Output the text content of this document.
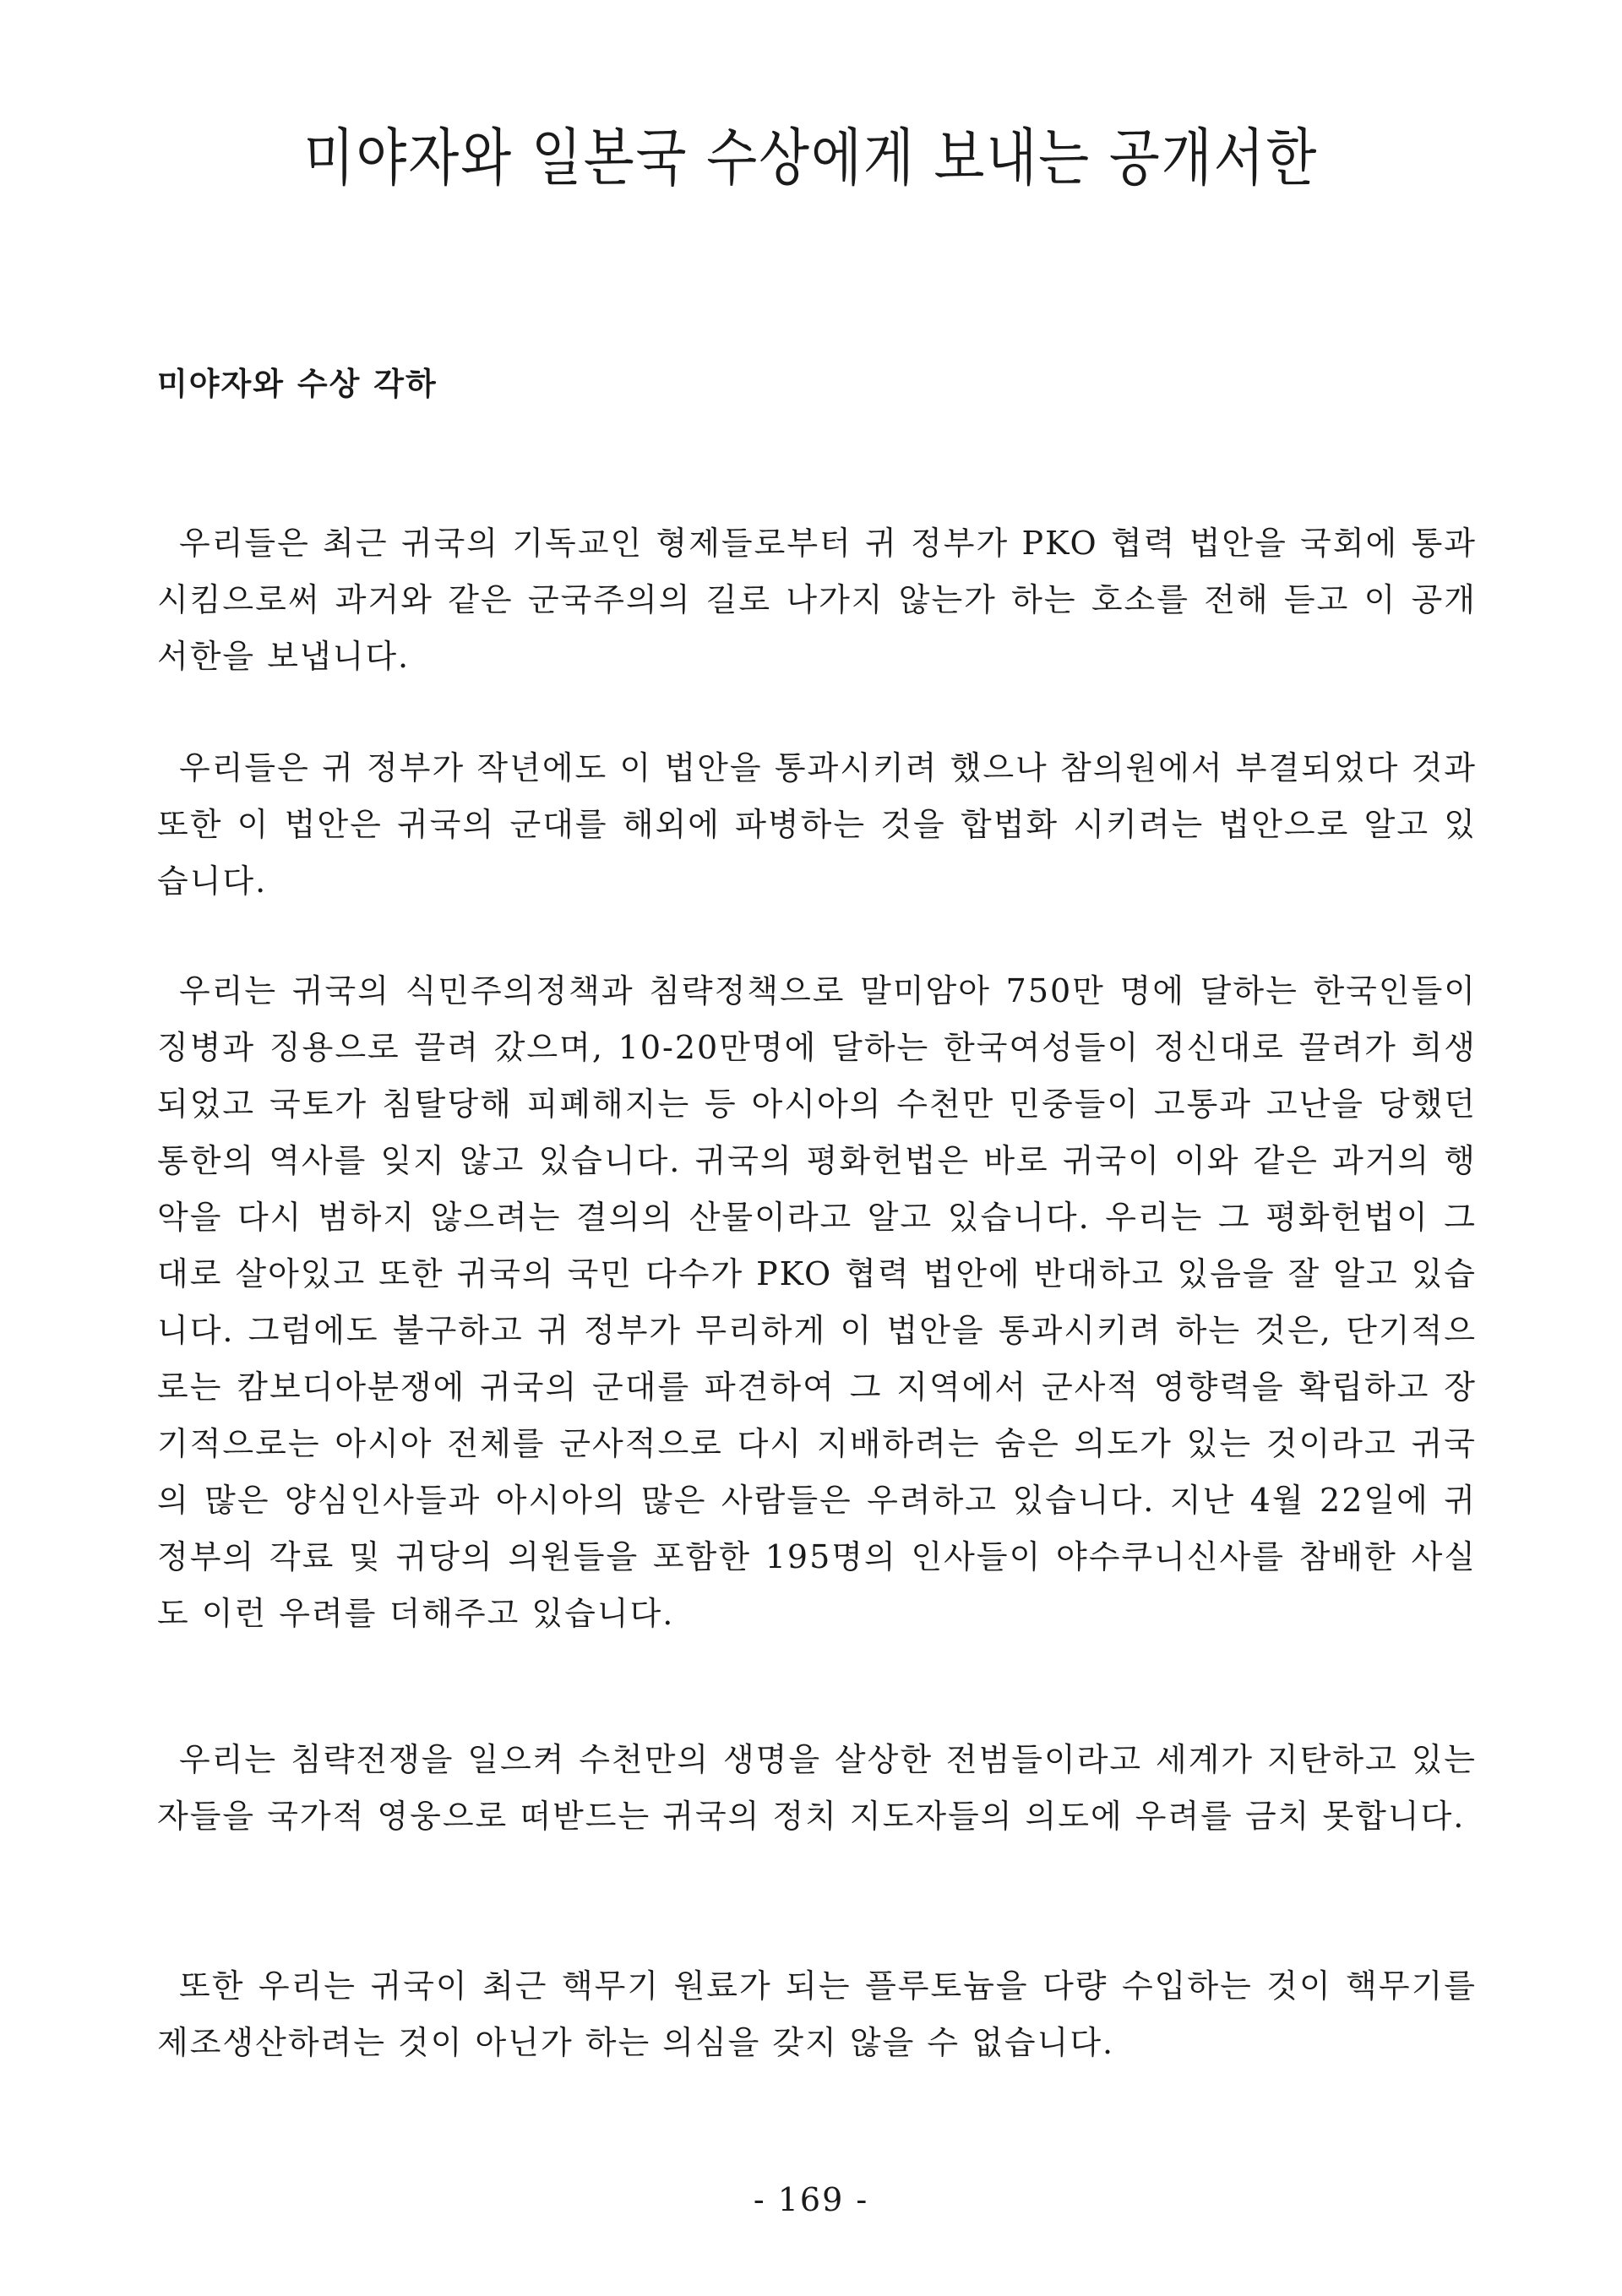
미야자와 일본국 수상에게 보내는 공개서한

미야자와 수상 각하

우리들은 최근 귀국의 기독교인 형제들로부터 귀 정부가 PKO 협력 법안을 국회에 통과시킴으로써 과거와 같은 군국주의의 길로 나가지 않는가 하는 호소를 전해 듣고 이 공개서한을 보냅니다.

우리들은 귀 정부가 작년에도 이 법안을 통과시키려 했으나 참의원에서 부결되었다 것과 또한 이 법안은 귀국의 군대를 해외에 파병하는 것을 합법화 시키려는 법안으로 알고 있습니다.

우리는 귀국의 식민주의정책과 침략정책으로 말미암아 750만 명에 달하는 한국인들이 징병과 징용으로 끌려 갔으며, 10-20만명에 달하는 한국여성들이 정신대로 끌려가 희생되었고 국토가 침탈당해 피폐해지는 등 아시아의 수천만 민중들이 고통과 고난을 당했던 통한의 역사를 잊지 않고 있습니다. 귀국의 평화헌법은 바로 귀국이 이와 같은 과거의 행악을 다시 범하지 않으려는 결의의 산물이라고 알고 있습니다. 우리는 그 평화헌법이 그대로 살아있고 또한 귀국의 국민 다수가 PKO 협력 법안에 반대하고 있음을 잘 알고 있습니다. 그럼에도 불구하고 귀 정부가 무리하게 이 법안을 통과시키려 하는 것은, 단기적으로는 캄보디아분쟁에 귀국의 군대를 파견하여 그 지역에서 군사적 영향력을 확립하고 장기적으로는 아시아 전체를 군사적으로 다시 지배하려는 숨은 의도가 있는 것이라고 귀국의 많은 양심인사들과 아시아의 많은 사람들은 우려하고 있습니다. 지난 4월 22일에 귀 정부의 각료 및 귀당의 의원들을 포함한 195명의 인사들이 야수쿠니신사를 참배한 사실도 이런 우려를 더해주고 있습니다.

우리는 침략전쟁을 일으켜 수천만의 생명을 살상한 전범들이라고 세계가 지탄하고 있는 자들을 국가적 영웅으로 떠받드는 귀국의 정치 지도자들의 의도에 우려를 금치 못합니다.

또한 우리는 귀국이 최근 핵무기 원료가 되는 플루토늄을 다량 수입하는 것이 핵무기를 제조생산하려는 것이 아닌가 하는 의심을 갖지 않을 수 없습니다.

- 169 -
